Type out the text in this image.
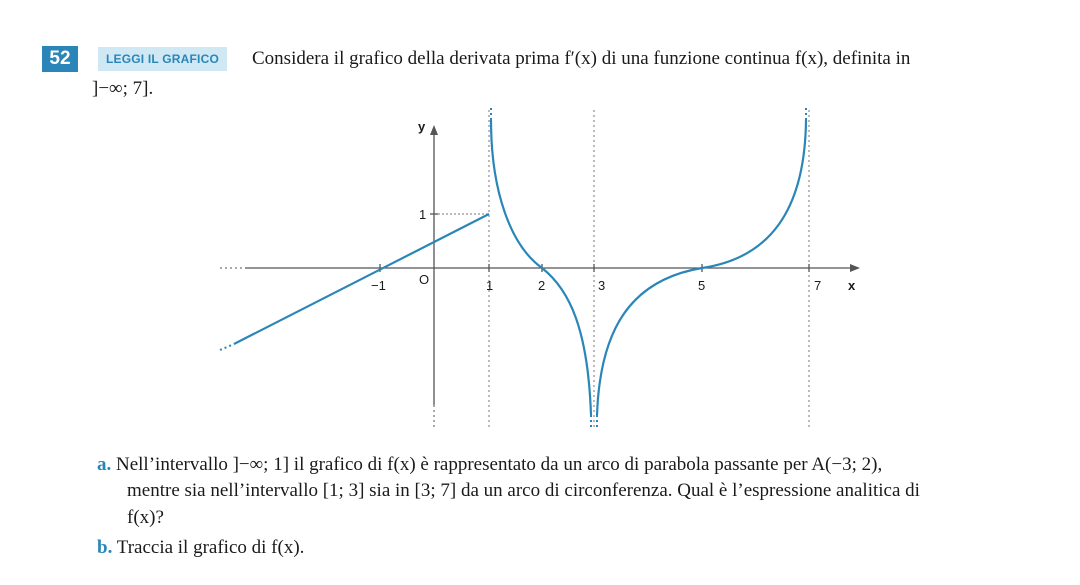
52	LEGGI IL GRAFICO	Considera il grafico della derivata prima f′(x) di una funzione continua f(x), definita in
]−∞; 7].
−1	1	2	3	5	7
1
O	x
y
a. Nell’intervallo ]−∞; 1] il grafico di f(x) è rappresentato da un arco di parabola passante per A(−3; 2),
mentre sia nell’intervallo [1; 3] sia in [3; 7] da un arco di circonferenza. Qual è l’espressione analitica di
f(x)?
b. Traccia il grafico di f(x).
